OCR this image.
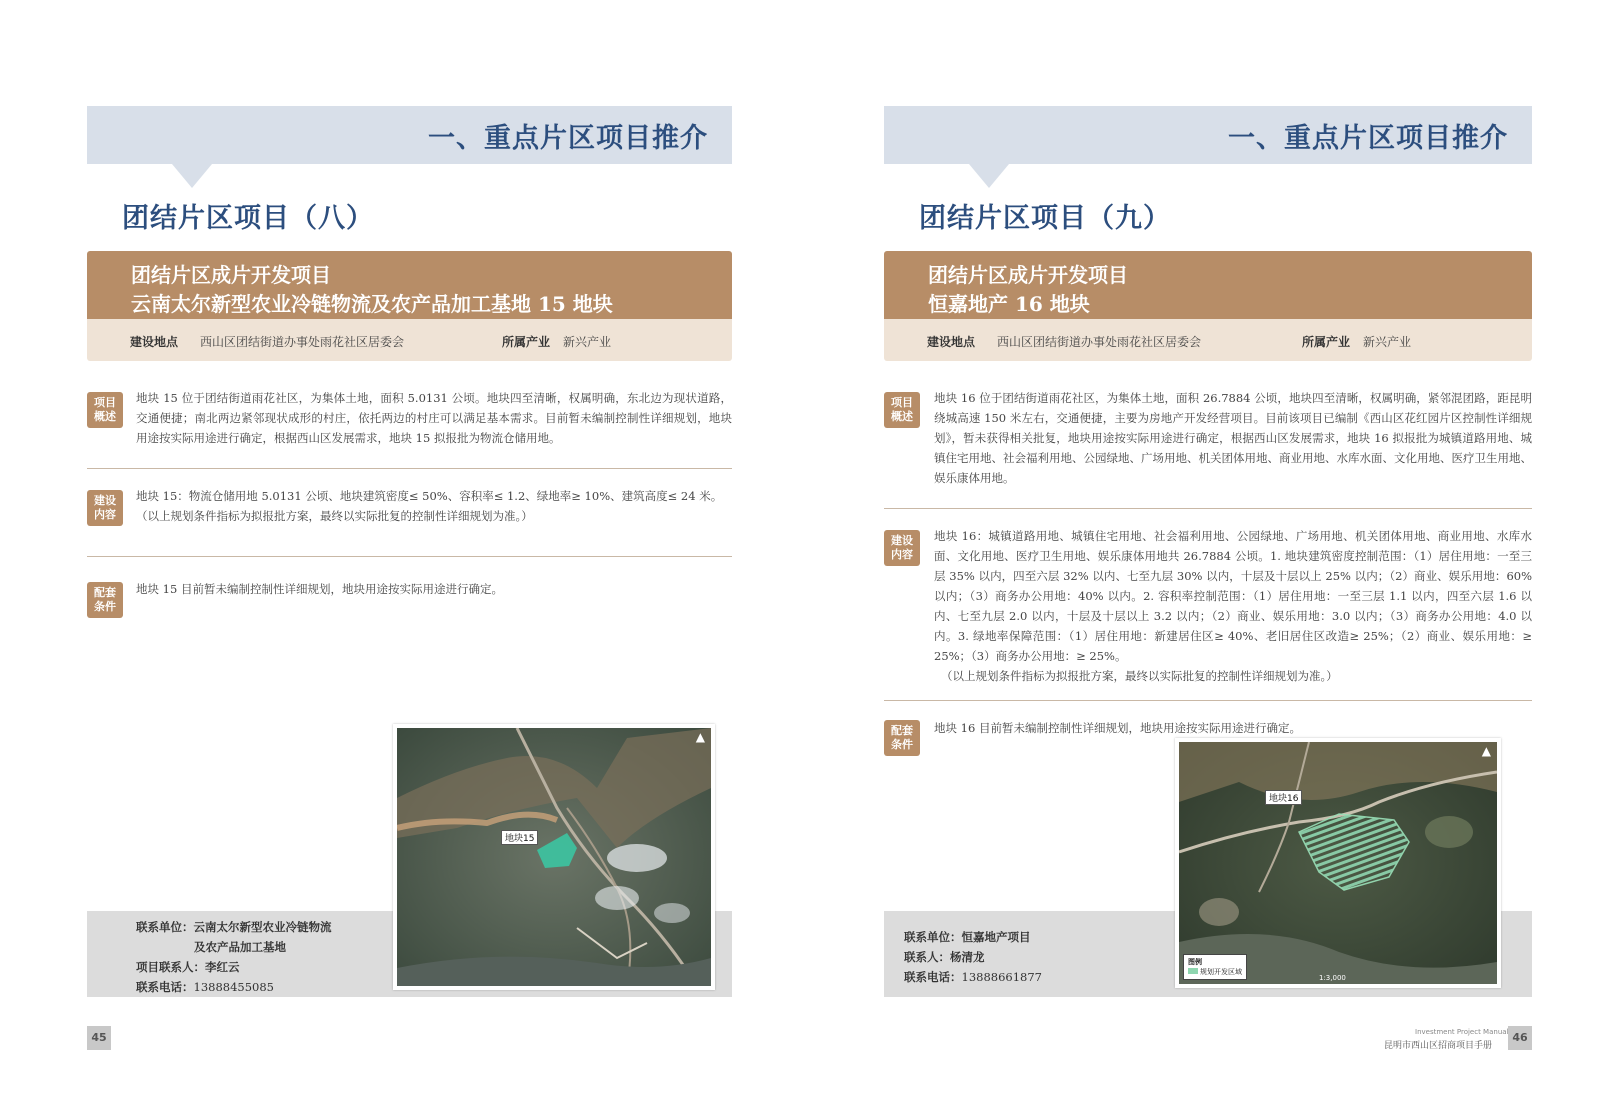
一、重点片区项目推介
团结片区项目（八）
团结片区成片开发项目
云南太尔新型农业冷链物流及农产品加工基地 15 地块
建设地点 西山区团结街道办事处雨花社区居委会	所属产业 新兴产业
项目
概述
地块 15 位于团结街道雨花社区，为集体土地，面积 5.0131 公顷。地块四至清晰，权属明确，东北边为现状道路，交通便捷；南北两边紧邻现状成形的村庄，依托两边的村庄可以满足基本需求。目前暂未编制控制性详细规划，地块用途按实际用途进行确定，根据西山区发展需求，地块 15 拟报批为物流仓储用地。
建设
内容
地块 15：物流仓储用地 5.0131 公顷、地块建筑密度≤ 50%、容积率≤ 1.2、绿地率≥ 10%、建筑高度≤ 24 米。
（以上规划条件指标为拟报批方案，最终以实际批复的控制性详细规划为准。）
配套
条件
地块 15 目前暂未编制控制性详细规划，地块用途按实际用途进行确定。
联系单位：云南太尔新型农业冷链物流
及农产品加工基地
项目联系人：李红云
联系电话：13888455085
地块15
▲
45
一、重点片区项目推介
团结片区项目（九）
团结片区成片开发项目
恒嘉地产 16 地块
建设地点 西山区团结街道办事处雨花社区居委会	所属产业 新兴产业
项目
概述
地块 16 位于团结街道雨花社区，为集体土地，面积 26.7884 公顷，地块四至清晰，权属明确，紧邻混团路，距昆明绕城高速 150 米左右，交通便捷，主要为房地产开发经营项目。目前该项目已编制《西山区花红园片区控制性详细规划》，暂未获得相关批复，地块用途按实际用途进行确定，根据西山区发展需求，地块 16 拟报批为城镇道路用地、城镇住宅用地、社会福利用地、公园绿地、广场用地、机关团体用地、商业用地、水库水面、文化用地、医疗卫生用地、娱乐康体用地。
建设
内容
地块 16：城镇道路用地、城镇住宅用地、社会福利用地、公园绿地、广场用地、机关团体用地、商业用地、水库水面、文化用地、医疗卫生用地、娱乐康体用地共 26.7884 公顷。1. 地块建筑密度控制范围：（1）居住用地：一至三层 35% 以内，四至六层 32% 以内、七至九层 30% 以内，十层及十层以上 25% 以内；（2）商业、娱乐用地：60% 以内；（3）商务办公用地：40% 以内。2. 容积率控制范围：（1）居住用地：一至三层 1.1 以内，四至六层 1.6 以内、七至九层 2.0 以内，十层及十层以上 3.2 以内；（2）商业、娱乐用地：3.0 以内；（3）商务办公用地：4.0 以内。3. 绿地率保障范围：（1）居住用地：新建居住区≥ 40%、老旧居住区改造≥ 25%；（2）商业、娱乐用地：≥ 25%；（3）商务办公用地：≥ 25%。
（以上规划条件指标为拟报批方案，最终以实际批复的控制性详细规划为准。）
配套
条件
地块 16 目前暂未编制控制性详细规划，地块用途按实际用途进行确定。
联系单位：恒嘉地产项目
联系人：杨清龙
联系电话：13888661877
地块16
▲
图例
规划开发区域
1:3,000
Investment Project Manual
昆明市西山区招商项目手册
46
